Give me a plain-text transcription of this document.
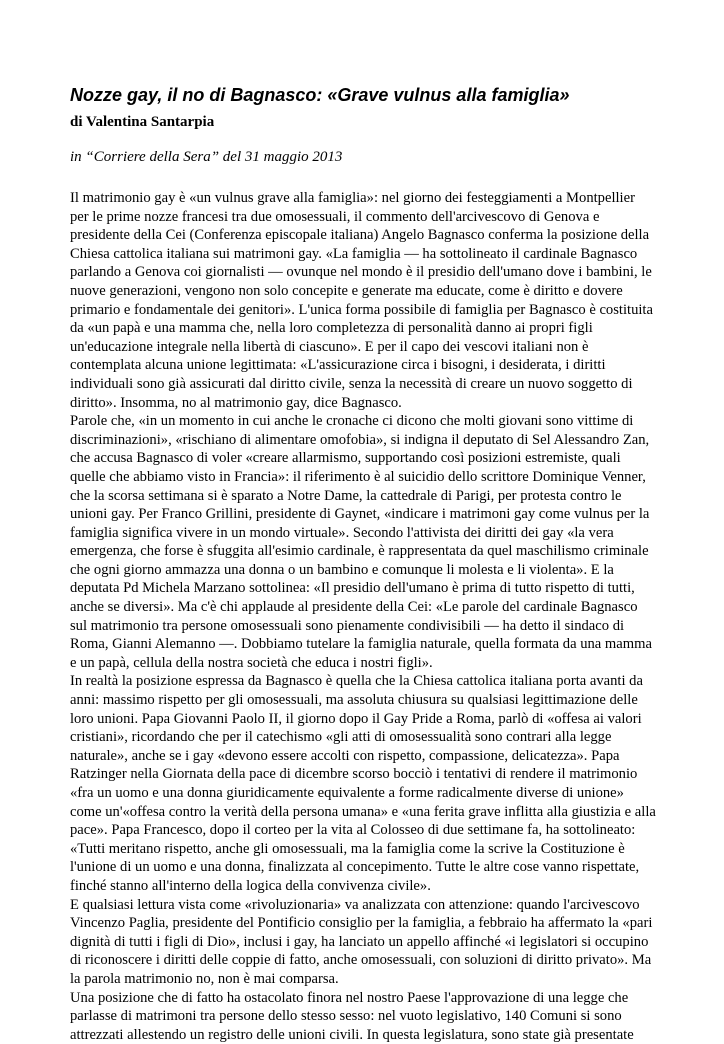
Nozze gay, il no di Bagnasco: «Grave vulnus alla famiglia»

di Valentina Santarpia

in “Corriere della Sera” del 31 maggio 2013

Il matrimonio gay è «un vulnus grave alla famiglia»: nel giorno dei festeggiamenti a Montpellier
per le prime nozze francesi tra due omosessuali, il commento dell'arcivescovo di Genova e
presidente della Cei (Conferenza episcopale italiana) Angelo Bagnasco conferma la posizione della
Chiesa cattolica italiana sui matrimoni gay. «La famiglia — ha sottolineato il cardinale Bagnasco
parlando a Genova coi giornalisti — ovunque nel mondo è il presidio dell'umano dove i bambini, le
nuove generazioni, vengono non solo concepite e generate ma educate, come è diritto e dovere
primario e fondamentale dei genitori». L'unica forma possibile di famiglia per Bagnasco è costituita
da «un papà e una mamma che, nella loro completezza di personalità danno ai propri figli
un'educazione integrale nella libertà di ciascuno». E per il capo dei vescovi italiani non è
contemplata alcuna unione legittimata: «L'assicurazione circa i bisogni, i desiderata, i diritti
individuali sono già assicurati dal diritto civile, senza la necessità di creare un nuovo soggetto di
diritto». Insomma, no al matrimonio gay, dice Bagnasco.

Parole che, «in un momento in cui anche le cronache ci dicono che molti giovani sono vittime di
discriminazioni», «rischiano di alimentare omofobia», si indigna il deputato di Sel Alessandro Zan,
che accusa Bagnasco di voler «creare allarmismo, supportando così posizioni estremiste, quali
quelle che abbiamo visto in Francia»: il riferimento è al suicidio dello scrittore Dominique Venner,
che la scorsa settimana si è sparato a Notre Dame, la cattedrale di Parigi, per protesta contro le
unioni gay. Per Franco Grillini, presidente di Gaynet, «indicare i matrimoni gay come vulnus per la
famiglia significa vivere in un mondo virtuale». Secondo l'attivista dei diritti dei gay «la vera
emergenza, che forse è sfuggita all'esimio cardinale, è rappresentata da quel maschilismo criminale
che ogni giorno ammazza una donna o un bambino e comunque li molesta e li violenta». E la
deputata Pd Michela Marzano sottolinea: «Il presidio dell'umano è prima di tutto rispetto di tutti,
anche se diversi». Ma c'è chi applaude al presidente della Cei: «Le parole del cardinale Bagnasco
sul matrimonio tra persone omosessuali sono pienamente condivisibili — ha detto il sindaco di
Roma, Gianni Alemanno —. Dobbiamo tutelare la famiglia naturale, quella formata da una mamma
e un papà, cellula della nostra società che educa i nostri figli».

In realtà la posizione espressa da Bagnasco è quella che la Chiesa cattolica italiana porta avanti da
anni: massimo rispetto per gli omosessuali, ma assoluta chiusura su qualsiasi legittimazione delle
loro unioni. Papa Giovanni Paolo II, il giorno dopo il Gay Pride a Roma, parlò di «offesa ai valori
cristiani», ricordando che per il catechismo «gli atti di omosessualità sono contrari alla legge
naturale», anche se i gay «devono essere accolti con rispetto, compassione, delicatezza». Papa
Ratzinger nella Giornata della pace di dicembre scorso bocciò i tentativi di rendere il matrimonio
«fra un uomo e una donna giuridicamente equivalente a forme radicalmente diverse di unione»
come un'«offesa contro la verità della persona umana» e «una ferita grave inflitta alla giustizia e alla
pace». Papa Francesco, dopo il corteo per la vita al Colosseo di due settimane fa, ha sottolineato:
«Tutti meritano rispetto, anche gli omosessuali, ma la famiglia come la scrive la Costituzione è
l'unione di un uomo e una donna, finalizzata al concepimento. Tutte le altre cose vanno rispettate,
finché stanno all'interno della logica della convivenza civile».

E qualsiasi lettura vista come «rivoluzionaria» va analizzata con attenzione: quando l'arcivescovo
Vincenzo Paglia, presidente del Pontificio consiglio per la famiglia, a febbraio ha affermato la «pari
dignità di tutti i figli di Dio», inclusi i gay, ha lanciato un appello affinché «i legislatori si occupino
di riconoscere i diritti delle coppie di fatto, anche omosessuali, con soluzioni di diritto privato». Ma
la parola matrimonio no, non è mai comparsa.

Una posizione che di fatto ha ostacolato finora nel nostro Paese l'approvazione di una legge che
parlasse di matrimoni tra persone dello stesso sesso: nel vuoto legislativo, 140 Comuni si sono
attrezzati allestendo un registro delle unioni civili. In questa legislatura, sono state già presentate
